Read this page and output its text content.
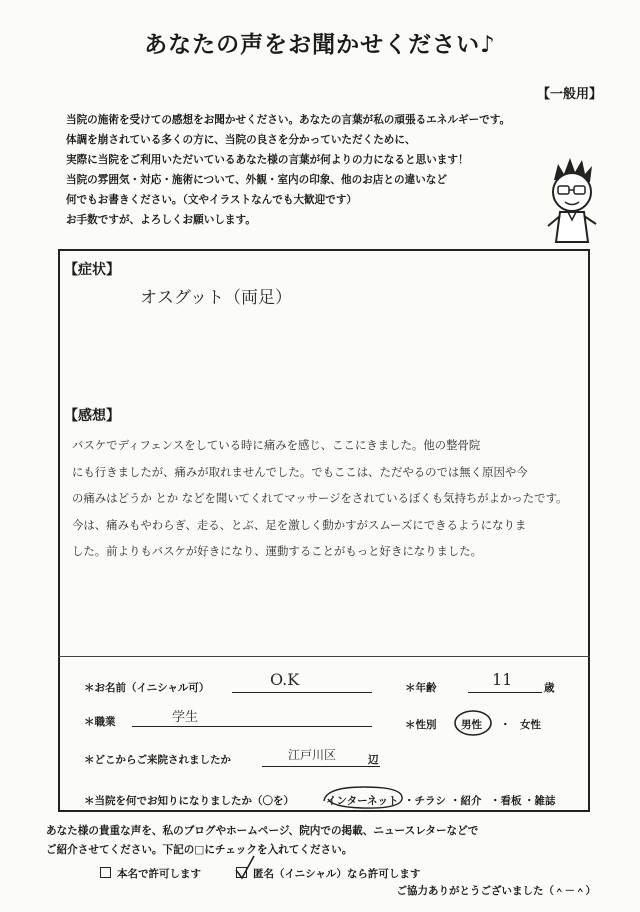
あなたの声をお聞かせください♪
【一般用】
当院の施術を受けての感想をお聞かせください。あなたの言葉が私の頑張るエネルギーです。
体調を崩されている多くの方に、当院の良さを分かっていただくために、
実際に当院をご利用いただいているあなた様の言葉が何よりの力になると思います！
当院の雰囲気・対応・施術について、外観・室内の印象、他のお店との違いなど
何でもお書きください。（文やイラストなんでも大歓迎です）
お手数ですが、よろしくお願いします。
【症状】
オスグット（両足）
【感想】
バスケでディフェンスをしている時に痛みを感じ、ここにきました。他の整骨院
にも行きましたが、痛みが取れませんでした。でもここは、ただやるのでは無く原因や今
の痛みはどうか とか などを聞いてくれてマッサージをされているぼくも気持ちがよかったです。
今は、痛みもやわらぎ、走る、とぶ、足を激しく動かすがスムーズにできるようになりま
した。前よりもバスケが好きになり、運動することがもっと好きになりました。
＊お名前（イニシャル可）	O.K	＊年齢	11	歳
＊職業	学生	＊性別 男性 ・ 女性
＊どこからご来院されましたか	江戸川区	辺
＊当院を何でお知りになりましたか（〇を）	インターネット ・チラシ ・紹介 ・看板 ・雑誌
あなた様の貴重な声を、私のブログやホームページ、院内での掲載、ニュースレターなどで
ご紹介させてください。下記の□にチェックを入れてください。
本名で許可します	匿名（イニシャル）なら許可します
ご協力ありがとうございました（＾－＾）
